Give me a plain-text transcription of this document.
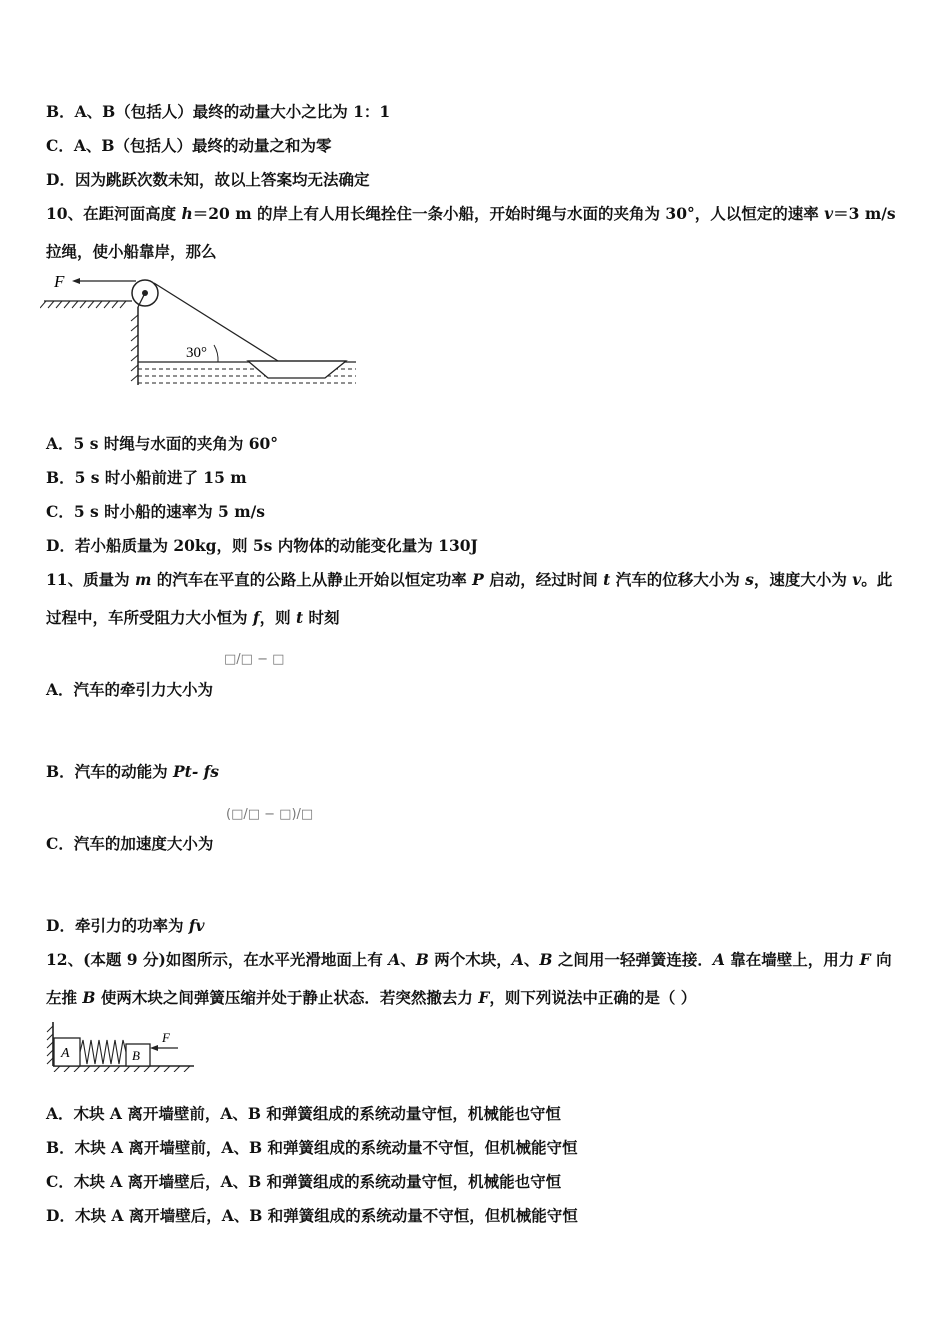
B．A、B（包括人）最终的动量大小之比为 1：1
C．A、B（包括人）最终的动量之和为零
D．因为跳跃次数未知，故以上答案均无法确定
10、在距河面高度 h＝20 m 的岸上有人用长绳拴住一条小船，开始时绳与水面的夹角为 30°，人以恒定的速率 v＝3 m/s
拉绳，使小船靠岸，那么
F
30°
A．5 s 时绳与水面的夹角为 60°
B．5 s 时小船前进了 15 m
C．5 s 时小船的速率为 5 m/s
D．若小船质量为 20kg，则 5s 内物体的动能变化量为 130J
11、质量为 m 的汽车在平直的公路上从静止开始以恒定功率 P 启动，经过时间 t 汽车的位移大小为 s，速度大小为 v。此
过程中，车所受阻力大小恒为 f，则 t 时刻
A．汽车的牵引力大小为
□/□ − □
B．汽车的动能为 Pt- fs
C．汽车的加速度大小为
(□/□ − □)/□
D．牵引力的功率为 fv
12、(本题 9 分)如图所示，在水平光滑地面上有 A、B 两个木块，A、B 之间用一轻弹簧连接．A 靠在墙壁上，用力 F 向
左推 B 使两木块之间弹簧压缩并处于静止状态．若突然撤去力 F，则下列说法中正确的是（ ）
A	B
F
A．木块 A 离开墙壁前，A、B 和弹簧组成的系统动量守恒，机械能也守恒
B．木块 A 离开墙壁前，A、B 和弹簧组成的系统动量不守恒，但机械能守恒
C．木块 A 离开墙壁后，A、B 和弹簧组成的系统动量守恒，机械能也守恒
D．木块 A 离开墙壁后，A、B 和弹簧组成的系统动量不守恒，但机械能守恒
